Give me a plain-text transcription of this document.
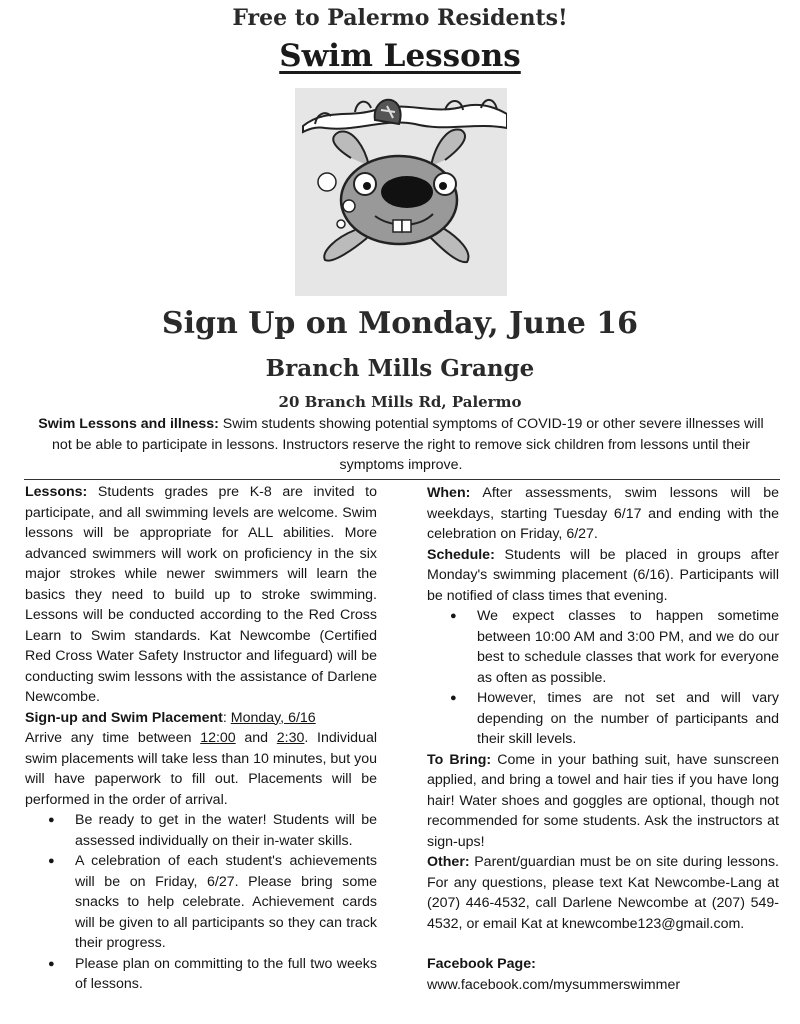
Free to Palermo Residents!
Swim Lessons
Sign Up on Monday, June 16
Branch Mills Grange
20 Branch Mills Rd, Palermo
Swim Lessons and illness: Swim students showing potential symptoms of COVID-19 or other severe illnesses will not be able to participate in lessons. Instructors reserve the right to remove sick children from lessons until their symptoms improve.

Lessons: Students grades pre K-8 are invited to participate, and all swimming levels are welcome. Swim lessons will be appropriate for ALL abilities. More advanced swimmers will work on proficiency in the six major strokes while newer swimmers will learn the basics they need to build up to stroke swimming. Lessons will be conducted according to the Red Cross Learn to Swim standards. Kat Newcombe (Certified Red Cross Water Safety Instructor and lifeguard) will be conducting swim lessons with the assistance of Darlene Newcombe.

Sign-up and Swim Placement: Monday, 6/16

Arrive any time between 12:00 and 2:30. Individual swim placements will take less than 10 minutes, but you will have paperwork to fill out. Placements will be performed in the order of arrival.

● Be ready to get in the water! Students will be assessed individually on their in-water skills.
● A celebration of each student's achievements will be on Friday, 6/27. Please bring some snacks to help celebrate. Achievement cards will be given to all participants so they can track their progress.
● Please plan on committing to the full two weeks of lessons.

When: After assessments, swim lessons will be weekdays, starting Tuesday 6/17 and ending with the celebration on Friday, 6/27.

Schedule: Students will be placed in groups after Monday's swimming placement (6/16). Participants will be notified of class times that evening.

● We expect classes to happen sometime between 10:00 AM and 3:00 PM, and we do our best to schedule classes that work for everyone as often as possible.
● However, times are not set and will vary depending on the number of participants and their skill levels.

To Bring: Come in your bathing suit, have sunscreen applied, and bring a towel and hair ties if you have long hair! Water shoes and goggles are optional, though not recommended for some students. Ask the instructors at sign-ups!

Other: Parent/guardian must be on site during lessons. For any questions, please text Kat Newcombe-Lang at (207) 446-4532, call Darlene Newcombe at (207) 549-4532, or email Kat at knewcombe123@gmail.com.

Facebook Page:

www.facebook.com/mysummerswimmer
